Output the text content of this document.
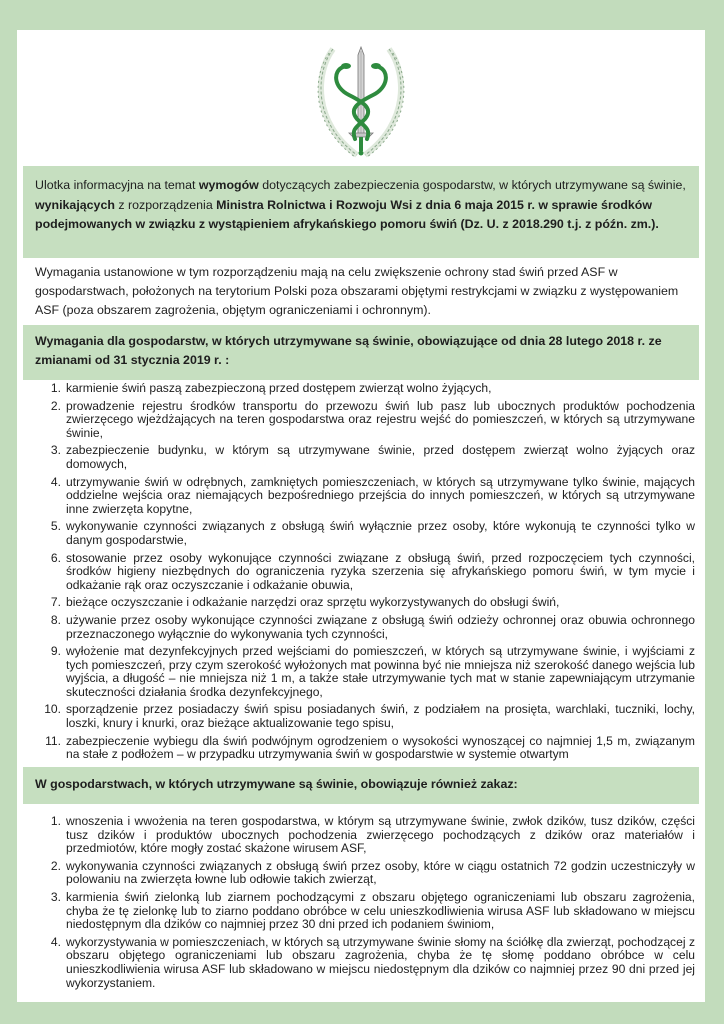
Ulotka informacyjna na temat wymogów dotyczących zabezpieczenia gospodarstw, w których utrzymywane są świnie, wynikających z rozporządzenia Ministra Rolnictwa i Rozwoju Wsi z dnia 6 maja 2015 r. w sprawie środków podejmowanych w związku z wystąpieniem afrykańskiego pomoru świń (Dz. U. z 2018.290 t.j. z późn. zm.).

Wymagania ustanowione w tym rozporządzeniu mają na celu zwiększenie ochrony stad świń przed ASF w gospodarstwach, położonych na terytorium Polski poza obszarami objętymi restrykcjami w związku z występowaniem ASF (poza obszarem zagrożenia, objętym ograniczeniami i ochronnym).

Wymagania dla gospodarstw, w których utrzymywane są świnie, obowiązujące od dnia 28 lutego 2018 r. ze zmianami od 31 stycznia 2019 r. :
1. karmienie świń paszą zabezpieczoną przed dostępem zwierząt wolno żyjących,
2. prowadzenie rejestru środków transportu do przewozu świń lub pasz lub ubocznych produktów pochodzenia zwierzęcego wjeżdżających na teren gospodarstwa oraz rejestru wejść do pomieszczeń, w których są utrzymywane świnie,
3. zabezpieczenie budynku, w którym są utrzymywane świnie, przed dostępem zwierząt wolno żyjących oraz domowych,
4. utrzymywanie świń w odrębnych, zamkniętych pomieszczeniach, w których są utrzymywane tylko świnie, mających oddzielne wejścia oraz niemających bezpośredniego przejścia do innych pomieszczeń, w których są utrzymywane inne zwierzęta kopytne,
5. wykonywanie czynności związanych z obsługą świń wyłącznie przez osoby, które wykonują te czynności tylko w danym gospodarstwie,
6. stosowanie przez osoby wykonujące czynności związane z obsługą świń, przed rozpoczęciem tych czynności, środków higieny niezbędnych do ograniczenia ryzyka szerzenia się afrykańskiego pomoru świń, w tym mycie i odkażanie rąk oraz oczyszczanie i odkażanie obuwia,
7. bieżące oczyszczanie i odkażanie narzędzi oraz sprzętu wykorzystywanych do obsługi świń,
8. używanie przez osoby wykonujące czynności związane z obsługą świń odzieży ochronnej oraz obuwia ochronnego przeznaczonego wyłącznie do wykonywania tych czynności,
9. wyłożenie mat dezynfekcyjnych przed wejściami do pomieszczeń, w których są utrzymywane świnie, i wyjściami z tych pomieszczeń, przy czym szerokość wyłożonych mat powinna być nie mniejsza niż szerokość danego wejścia lub wyjścia, a długość – nie mniejsza niż 1 m, a także stałe utrzymywanie tych mat w stanie zapewniającym utrzymanie skuteczności działania środka dezynfekcyjnego,
10. sporządzenie przez posiadaczy świń spisu posiadanych świń, z podziałem na prosięta, warchlaki, tuczniki, lochy, loszki, knury i knurki, oraz bieżące aktualizowanie tego spisu,
11. zabezpieczenie wybiegu dla świń podwójnym ogrodzeniem o wysokości wynoszącej co najmniej 1,5 m, związanym na stałe z podłożem – w przypadku utrzymywania świń w gospodarstwie w systemie otwartym
W gospodarstwach, w których utrzymywane są świnie, obowiązuje również zakaz:
1. wnoszenia i wwożenia na teren gospodarstwa, w którym są utrzymywane świnie, zwłok dzików, tusz dzików, części tusz dzików i produktów ubocznych pochodzenia zwierzęcego pochodzących z dzików oraz materiałów i przedmiotów, które mogły zostać skażone wirusem ASF,
2. wykonywania czynności związanych z obsługą świń przez osoby, które w ciągu ostatnich 72 godzin uczestniczyły w polowaniu na zwierzęta łowne lub odłowie takich zwierząt,
3. karmienia świń zielonką lub ziarnem pochodzącymi z obszaru objętego ograniczeniami lub obszaru zagrożenia, chyba że tę zielonkę lub to ziarno poddano obróbce w celu unieszkodliwienia wirusa ASF lub składowano w miejscu niedostępnym dla dzików co najmniej przez 30 dni przed ich podaniem świniom,
4. wykorzystywania w pomieszczeniach, w których są utrzymywane świnie słomy na ściółkę dla zwierząt, pochodzącej z obszaru objętego ograniczeniami lub obszaru zagrożenia, chyba że tę słomę poddano obróbce w celu unieszkodliwienia wirusa ASF lub składowano w miejscu niedostępnym dla dzików co najmniej przez 90 dni przed jej wykorzystaniem.
